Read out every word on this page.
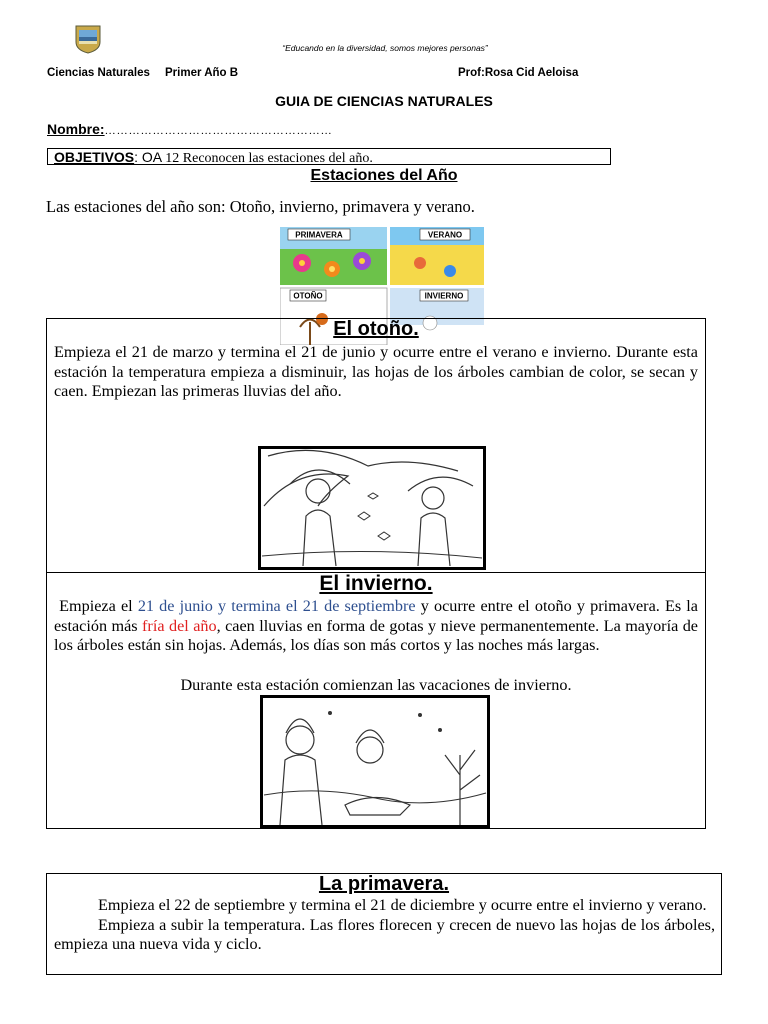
“Educando en la diversidad, somos mejores personas”
Ciencias Naturales Primer Año B	Prof:Rosa Cid Aeloisa
GUIA DE CIENCIAS NATURALES
Nombre:…………………………………………………
OBJETIVOS: OA 12 Reconocen las estaciones del año.
Estaciones del Año
Las estaciones del año son: Otoño, invierno, primavera y verano.
PRIMAVERA	VERANO
OTOÑO	INVIERNO
El otoño.
Empieza el 21 de marzo y termina el 21 de junio y ocurre entre el verano e invierno. Durante esta estación la temperatura empieza a disminuir, las hojas de los árboles cambian de color, se secan y caen. Empiezan las primeras lluvias del año.
El invierno.
Empieza el 21 de junio y termina el 21 de septiembre y ocurre entre el otoño y primavera. Es la estación más fría del año, caen lluvias en forma de gotas y nieve permanentemente. La mayoría de los árboles están sin hojas. Además, los días son más cortos y las noches más largas.
Durante esta estación comienzan las vacaciones de invierno.
La primavera.
Empieza el 22 de septiembre y termina el 21 de diciembre y ocurre entre el invierno y verano.
Empieza a subir la temperatura. Las flores florecen y crecen de nuevo las hojas de los árboles, empieza una nueva vida y ciclo.
